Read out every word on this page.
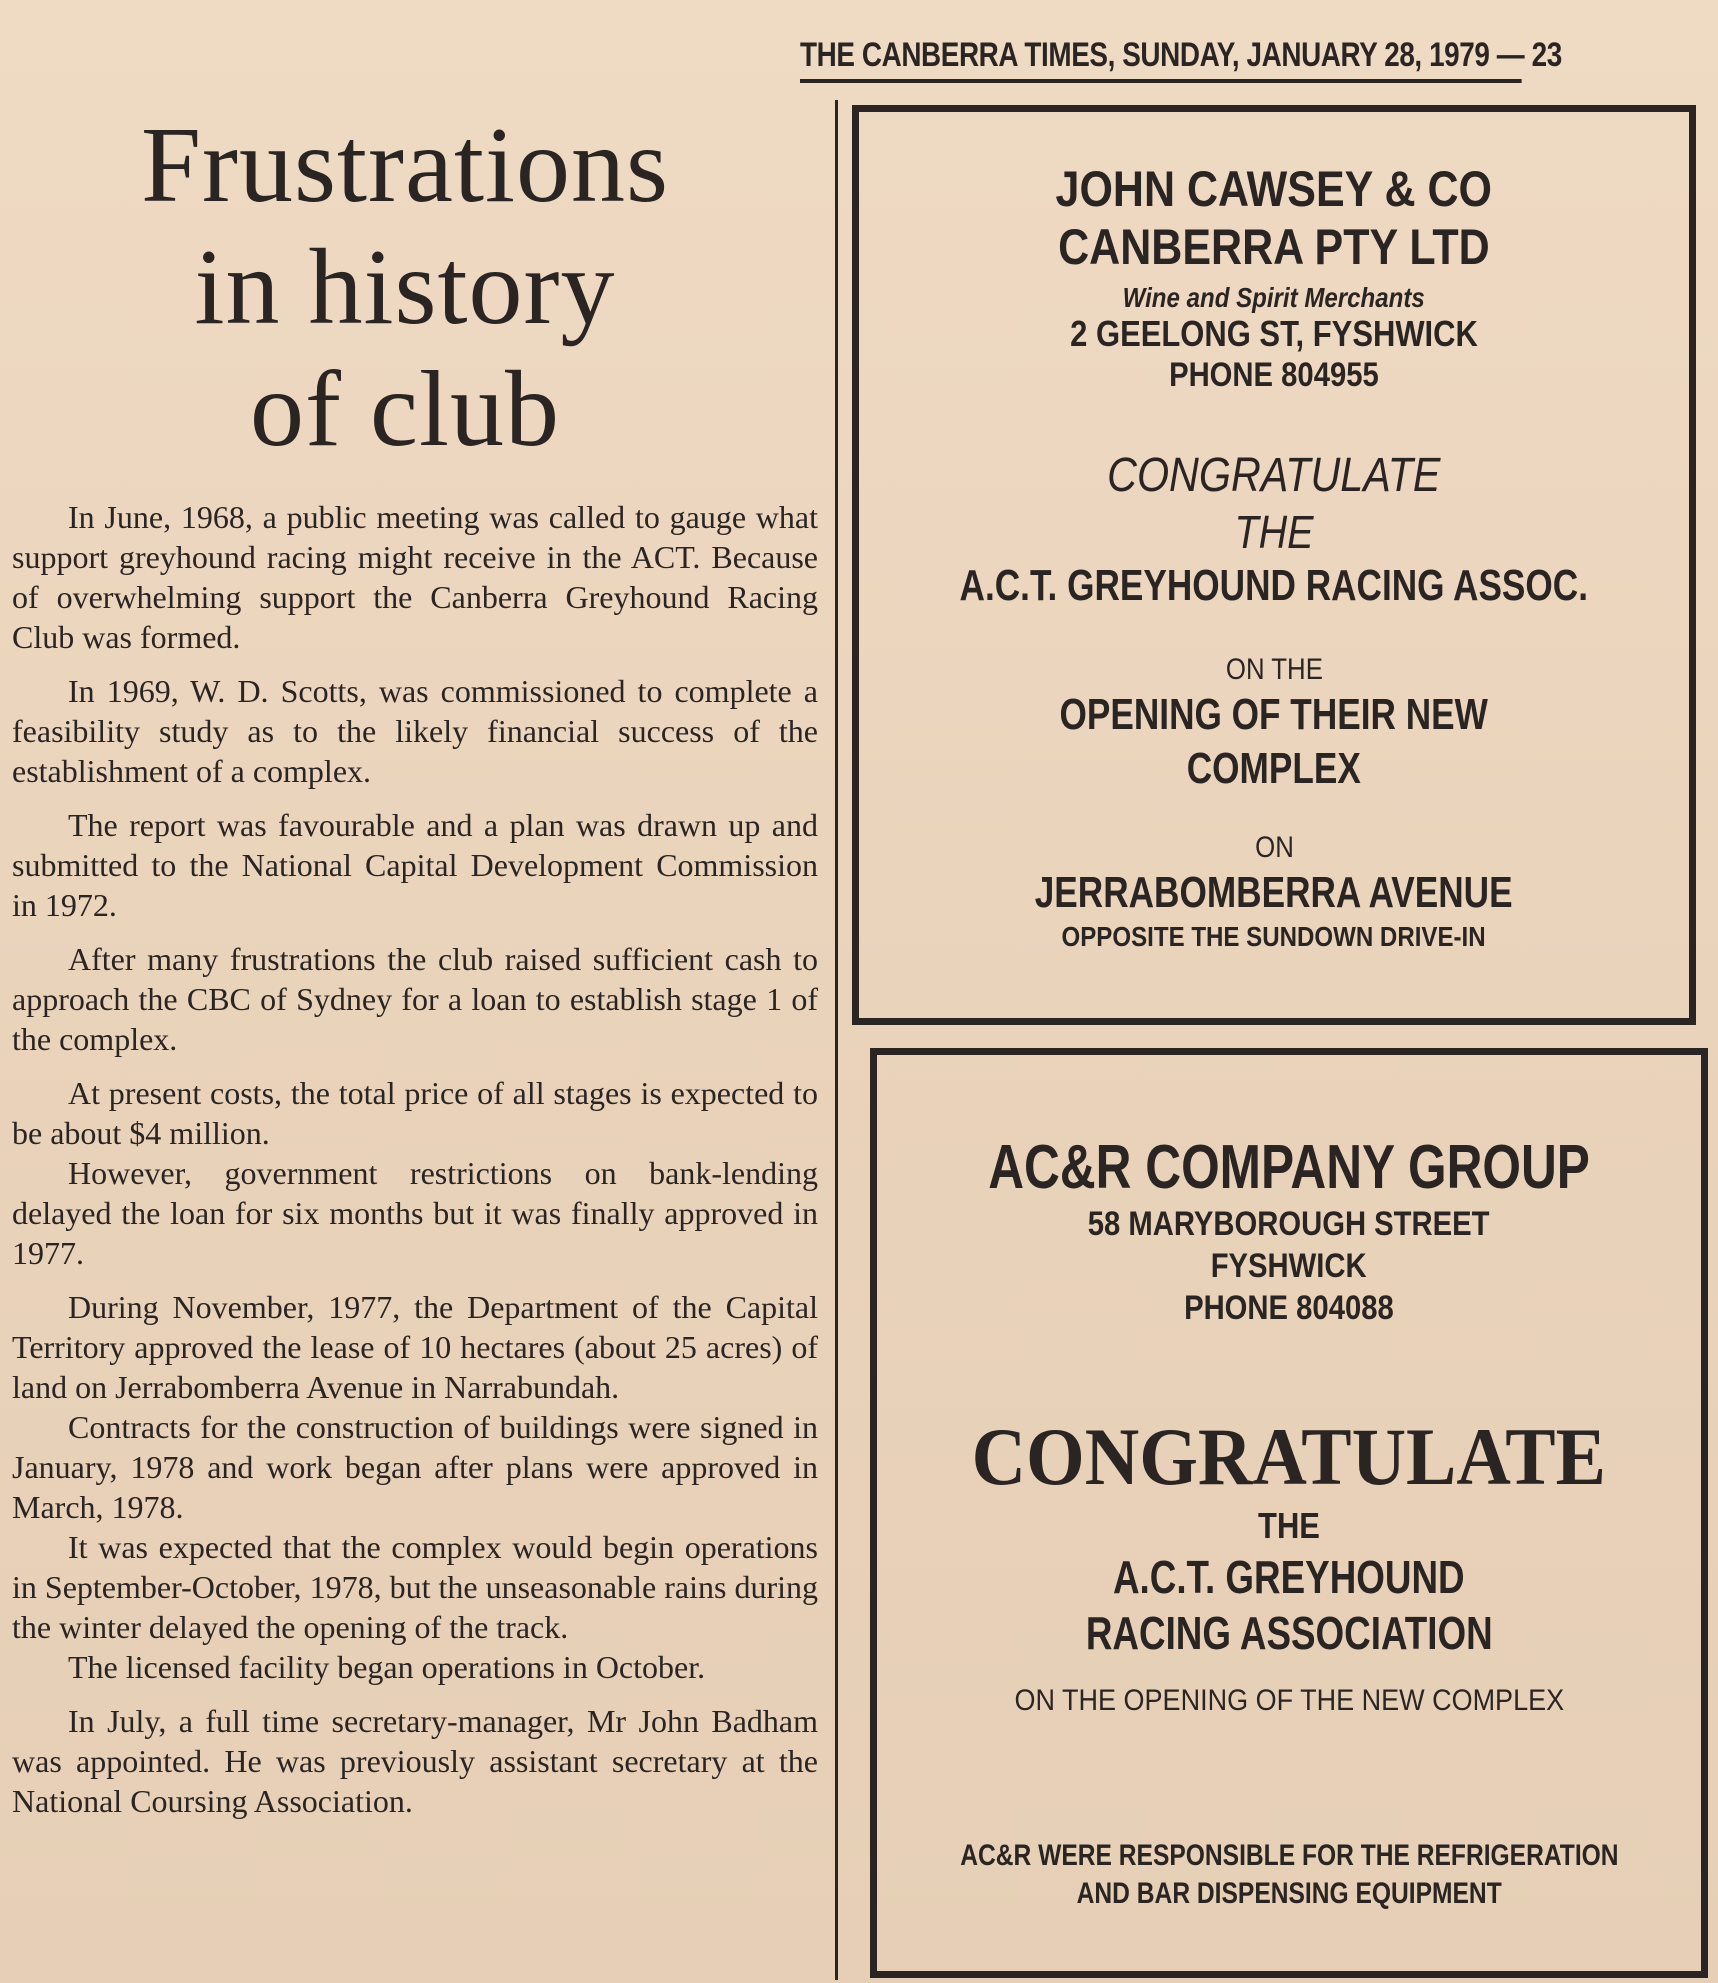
THE CANBERRA TIMES, SUNDAY, JANUARY 28, 1979 — 23
Frustrations
in history
of club

In June, 1968, a public meeting was called to gauge what support greyhound racing might receive in the ACT. Because of overwhelming support the Canberra Greyhound Racing Club was formed.

In 1969, W. D. Scotts, was commissioned to complete a feasibility study as to the likely financial success of the establishment of a complex.

The report was favourable and a plan was drawn up and submitted to the National Capital Development Commission in 1972.

After many frustrations the club raised sufficient cash to approach the CBC of Sydney for a loan to establish stage 1 of the complex.

At present costs, the total price of all stages is expected to be about $4 million.

However, government restrictions on bank-lending delayed the loan for six months but it was finally approved in 1977.

During November, 1977, the Department of the Capital Territory approved the lease of 10 hectares (about 25 acres) of land on Jerrabomberra Avenue in Narrabundah.

Contracts for the construction of buildings were signed in January, 1978 and work began after plans were approved in March, 1978.

It was expected that the complex would begin operations in September-October, 1978, but the unseasonable rains during the winter delayed the opening of the track.

The licensed facility began operations in October.

In July, a full time secretary-manager, Mr John Badham was appointed. He was previously assistant secretary at the National Coursing Association.

JOHN CAWSEY & CO
CANBERRA PTY LTD
Wine and Spirit Merchants
2 GEELONG ST, FYSHWICK
PHONE 804955
CONGRATULATE
THE
A.C.T. GREYHOUND RACING ASSOC.
ON THE
OPENING OF THEIR NEW
COMPLEX
ON
JERRABOMBERRA AVENUE
OPPOSITE THE SUNDOWN DRIVE-IN
AC&R COMPANY GROUP
58 MARYBOROUGH STREET
FYSHWICK
PHONE 804088
CONGRATULATE
THE
A.C.T. GREYHOUND
RACING ASSOCIATION
ON THE OPENING OF THE NEW COMPLEX
AC&R WERE RESPONSIBLE FOR THE REFRIGERATION
AND BAR DISPENSING EQUIPMENT
